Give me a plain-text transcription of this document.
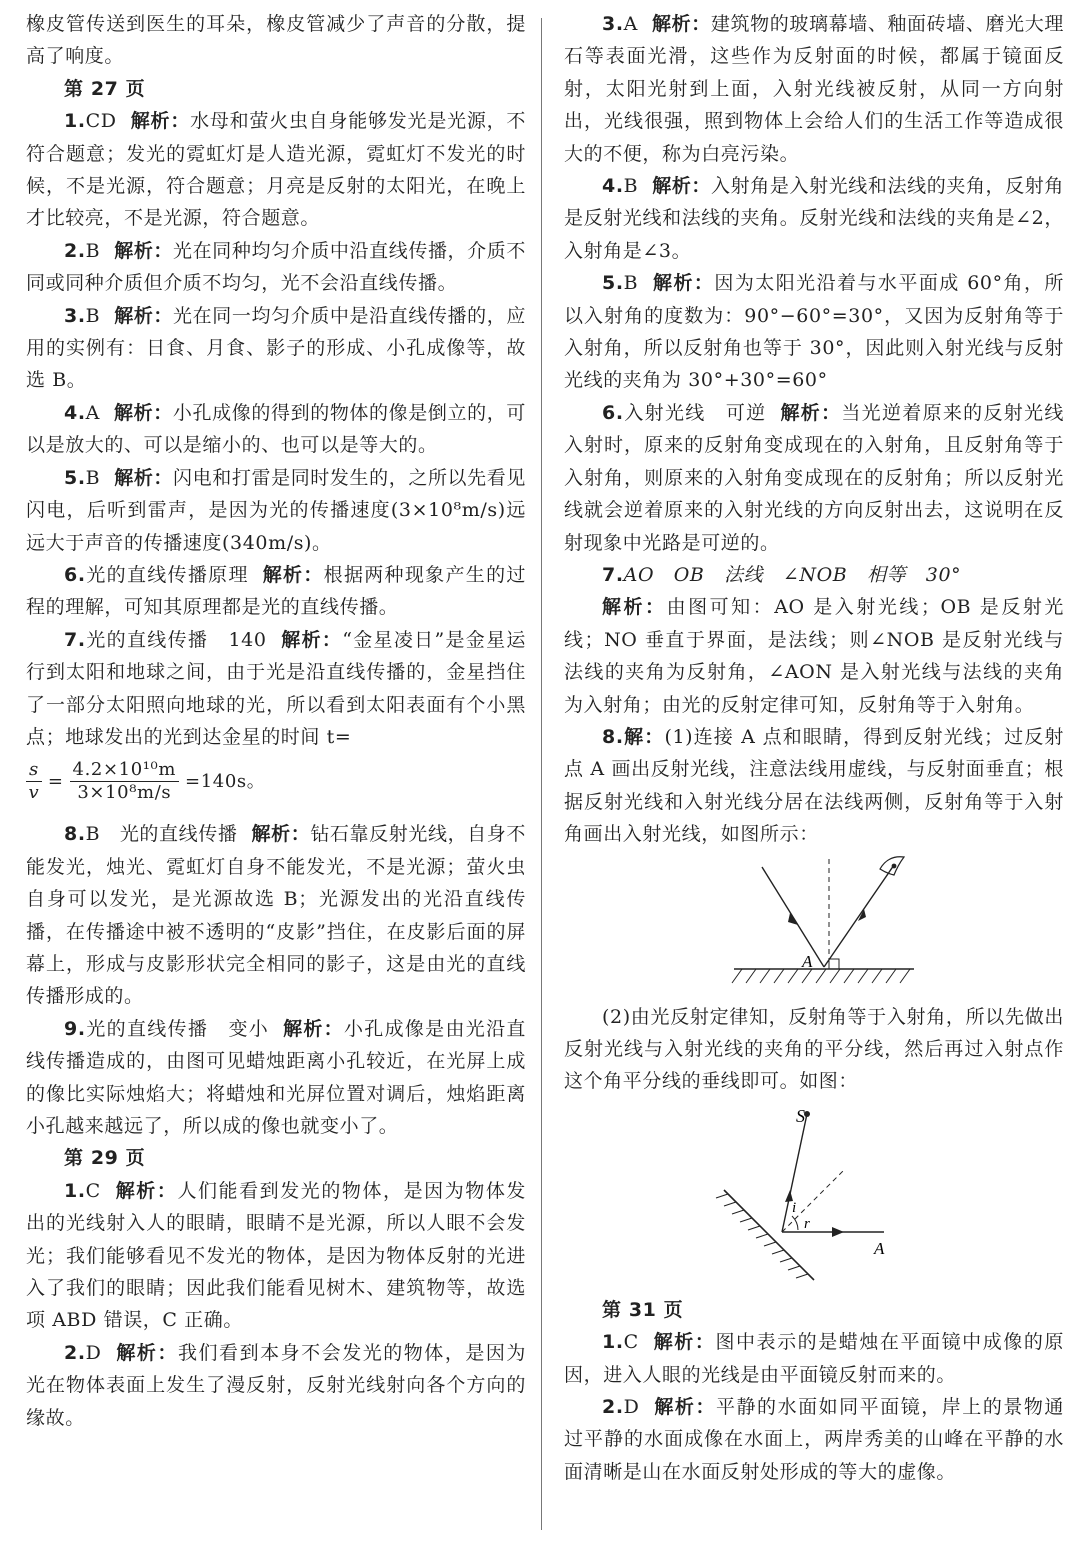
橡皮管传送到医生的耳朵，橡皮管减少了声音的分散，提高了响度。

第 27 页

1.CD 解析：水母和萤火虫自身能够发光是光源，不符合题意；发光的霓虹灯是人造光源，霓虹灯不发光的时候，不是光源，符合题意；月亮是反射的太阳光，在晚上才比较亮，不是光源，符合题意。

2.B 解析：光在同种均匀介质中沿直线传播，介质不同或同种介质但介质不均匀，光不会沿直线传播。

3.B 解析：光在同一均匀介质中是沿直线传播的，应用的实例有：日食、月食、影子的形成、小孔成像等，故选 B。

4.A 解析：小孔成像的得到的物体的像是倒立的，可以是放大的、可以是缩小的、也可以是等大的。

5.B 解析：闪电和打雷是同时发生的，之所以先看见闪电，后听到雷声，是因为光的传播速度(3×10⁸m/s)远远大于声音的传播速度(340m/s)。

6.光的直线传播原理 解析：根据两种现象产生的过程的理解，可知其原理都是光的直线传播。

7.光的直线传播　140 解析：“金星凌日”是金星运行到太阳和地球之间，由于光是沿直线传播的，金星挡住了一部分太阳照向地球的光，所以看到太阳表面有个小黑点；地球发出的光到达金星的时间 t=

$\frac{s}{v} = \frac{\text{4.2×10¹⁰m}}{\text{3×10⁸m/s}} =140s$。

8.B　光的直线传播 解析：钻石靠反射光线，自身不能发光，烛光、霓虹灯自身不能发光，不是光源；萤火虫自身可以发光，是光源故选 B；光源发出的光沿直线传播，在传播途中被不透明的“皮影”挡住，在皮影后面的屏幕上，形成与皮影形状完全相同的影子，这是由光的直线传播形成的。

9.光的直线传播　变小 解析：小孔成像是由光沿直线传播造成的，由图可见蜡烛距离小孔较近，在光屏上成的像比实际烛焰大；将蜡烛和光屏位置对调后，烛焰距离小孔越来越远了，所以成的像也就变小了。

第 29 页

1.C 解析：人们能看到发光的物体，是因为物体发出的光线射入人的眼睛，眼睛不是光源，所以人眼不会发光；我们能够看见不发光的物体，是因为物体反射的光进入了我们的眼睛；因此我们能看见树木、建筑物等，故选项 ABD 错误，C 正确。

2.D 解析：我们看到本身不会发光的物体，是因为光在物体表面上发生了漫反射，反射光线射向各个方向的缘故。

3.A 解析：建筑物的玻璃幕墙、釉面砖墙、磨光大理石等表面光滑，这些作为反射面的时候，都属于镜面反射，太阳光射到上面，入射光线被反射，从同一方向射出，光线很强，照到物体上会给人们的生活工作等造成很大的不便，称为白亮污染。

4.B 解析：入射角是入射光线和法线的夹角，反射角是反射光线和法线的夹角。反射光线和法线的夹角是∠2，入射角是∠3。

5.B 解析：因为太阳光沿着与水平面成 60°角，所以入射角的度数为：90°−60°=30°，又因为反射角等于入射角，所以反射角也等于 30°，因此则入射光线与反射光线的夹角为 30°+30°=60°

6.入射光线　可逆 解析：当光逆着原来的反射光线入射时，原来的反射角变成现在的入射角，且反射角等于入射角，则原来的入射角变成现在的反射角；所以反射光线就会逆着原来的入射光线的方向反射出去，这说明在反射现象中光路是可逆的。

7.AO　OB　法线　∠NOB　相等　30°

解析：由图可知：AO 是入射光线；OB 是反射光线；NO 垂直于界面，是法线；则∠NOB 是反射光线与法线的夹角为反射角，∠AON 是入射光线与法线的夹角为入射角；由光的反射定律可知，反射角等于入射角。

8.解：(1)连接 A 点和眼睛，得到反射光线；过反射点 A 画出反射光线，注意法线用虚线，与反射面垂直；根据反射光线和入射光线分居在法线两侧，反射角等于入射角画出入射光线，如图所示：

A

(2)由光反射定律知，反射角等于入射角，所以先做出反射光线与入射光线的夹角的平分线，然后再过入射点作这个角平分线的垂线即可。如图：

S
i
r
A
第 31 页

1.C 解析：图中表示的是蜡烛在平面镜中成像的原因，进入人眼的光线是由平面镜反射而来的。

2.D 解析：平静的水面如同平面镜，岸上的景物通过平静的水面成像在水面上，两岸秀美的山峰在平静的水面清晰是山在水面反射处形成的等大的虚像。
